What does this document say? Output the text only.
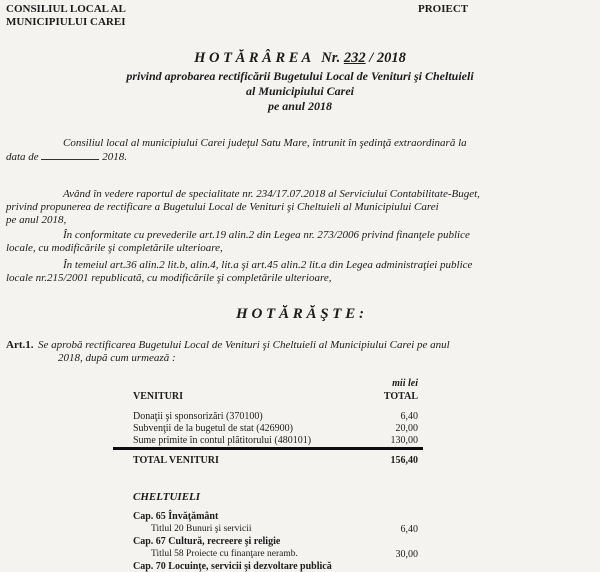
CONSILIUL LOCAL AL
MUNICIPIULUI CAREI
PROIECT
H O T Ă R Â R E A   Nr. 232 / 2018
privind aprobarea rectificării Bugetului Local de Venituri şi Cheltuieli
al Municipiului Carei
pe anul 2018
Consiliul local al municipiului Carei judeţul Satu Mare, întrunit în şedinţă extraordinară la
data de	2018.
Având în vedere raportul de specialitate nr. 234/17.07.2018 al Serviciului Contabilitate-Buget,
privind propunerea de rectificare a Bugetului Local de Venituri şi Cheltuieli al Municipiului Carei
pe anul 2018,
În conformitate cu prevederile art.19 alin.2 din Legea nr. 273/2006 privind finanţele publice
locale, cu modificările şi completările ulterioare,
În temeiul art.36 alin.2 lit.b, alin.4, lit.a şi art.45 alin.2 lit.a din Legea administraţiei publice
locale nr.215/2001 republicată, cu modificările şi completările ulterioare,
H O T Ă R Ă Ş T E :
Art.1. Se aprobă rectificarea Bugetului Local de Venituri şi Cheltuieli al Municipiului Carei pe anul
2018, după cum urmează :
mii lei
VENITURI	TOTAL
Donaţii şi sponsorizări (370100)	6,40
Subvenţii de la bugetul de stat (426900)	20,00
Sume primite în contul plătitorului (480101)	130,00
TOTAL VENITURI	156,40
CHELTUIELI
Cap. 65 Învăţământ
Titlul 20 Bunuri şi servicii	6,40
Cap. 67 Cultură, recreere şi religie
Titlul 58 Proiecte cu finanţare neramb.	30,00
Cap. 70 Locuinţe, servicii şi dezvoltare publică
